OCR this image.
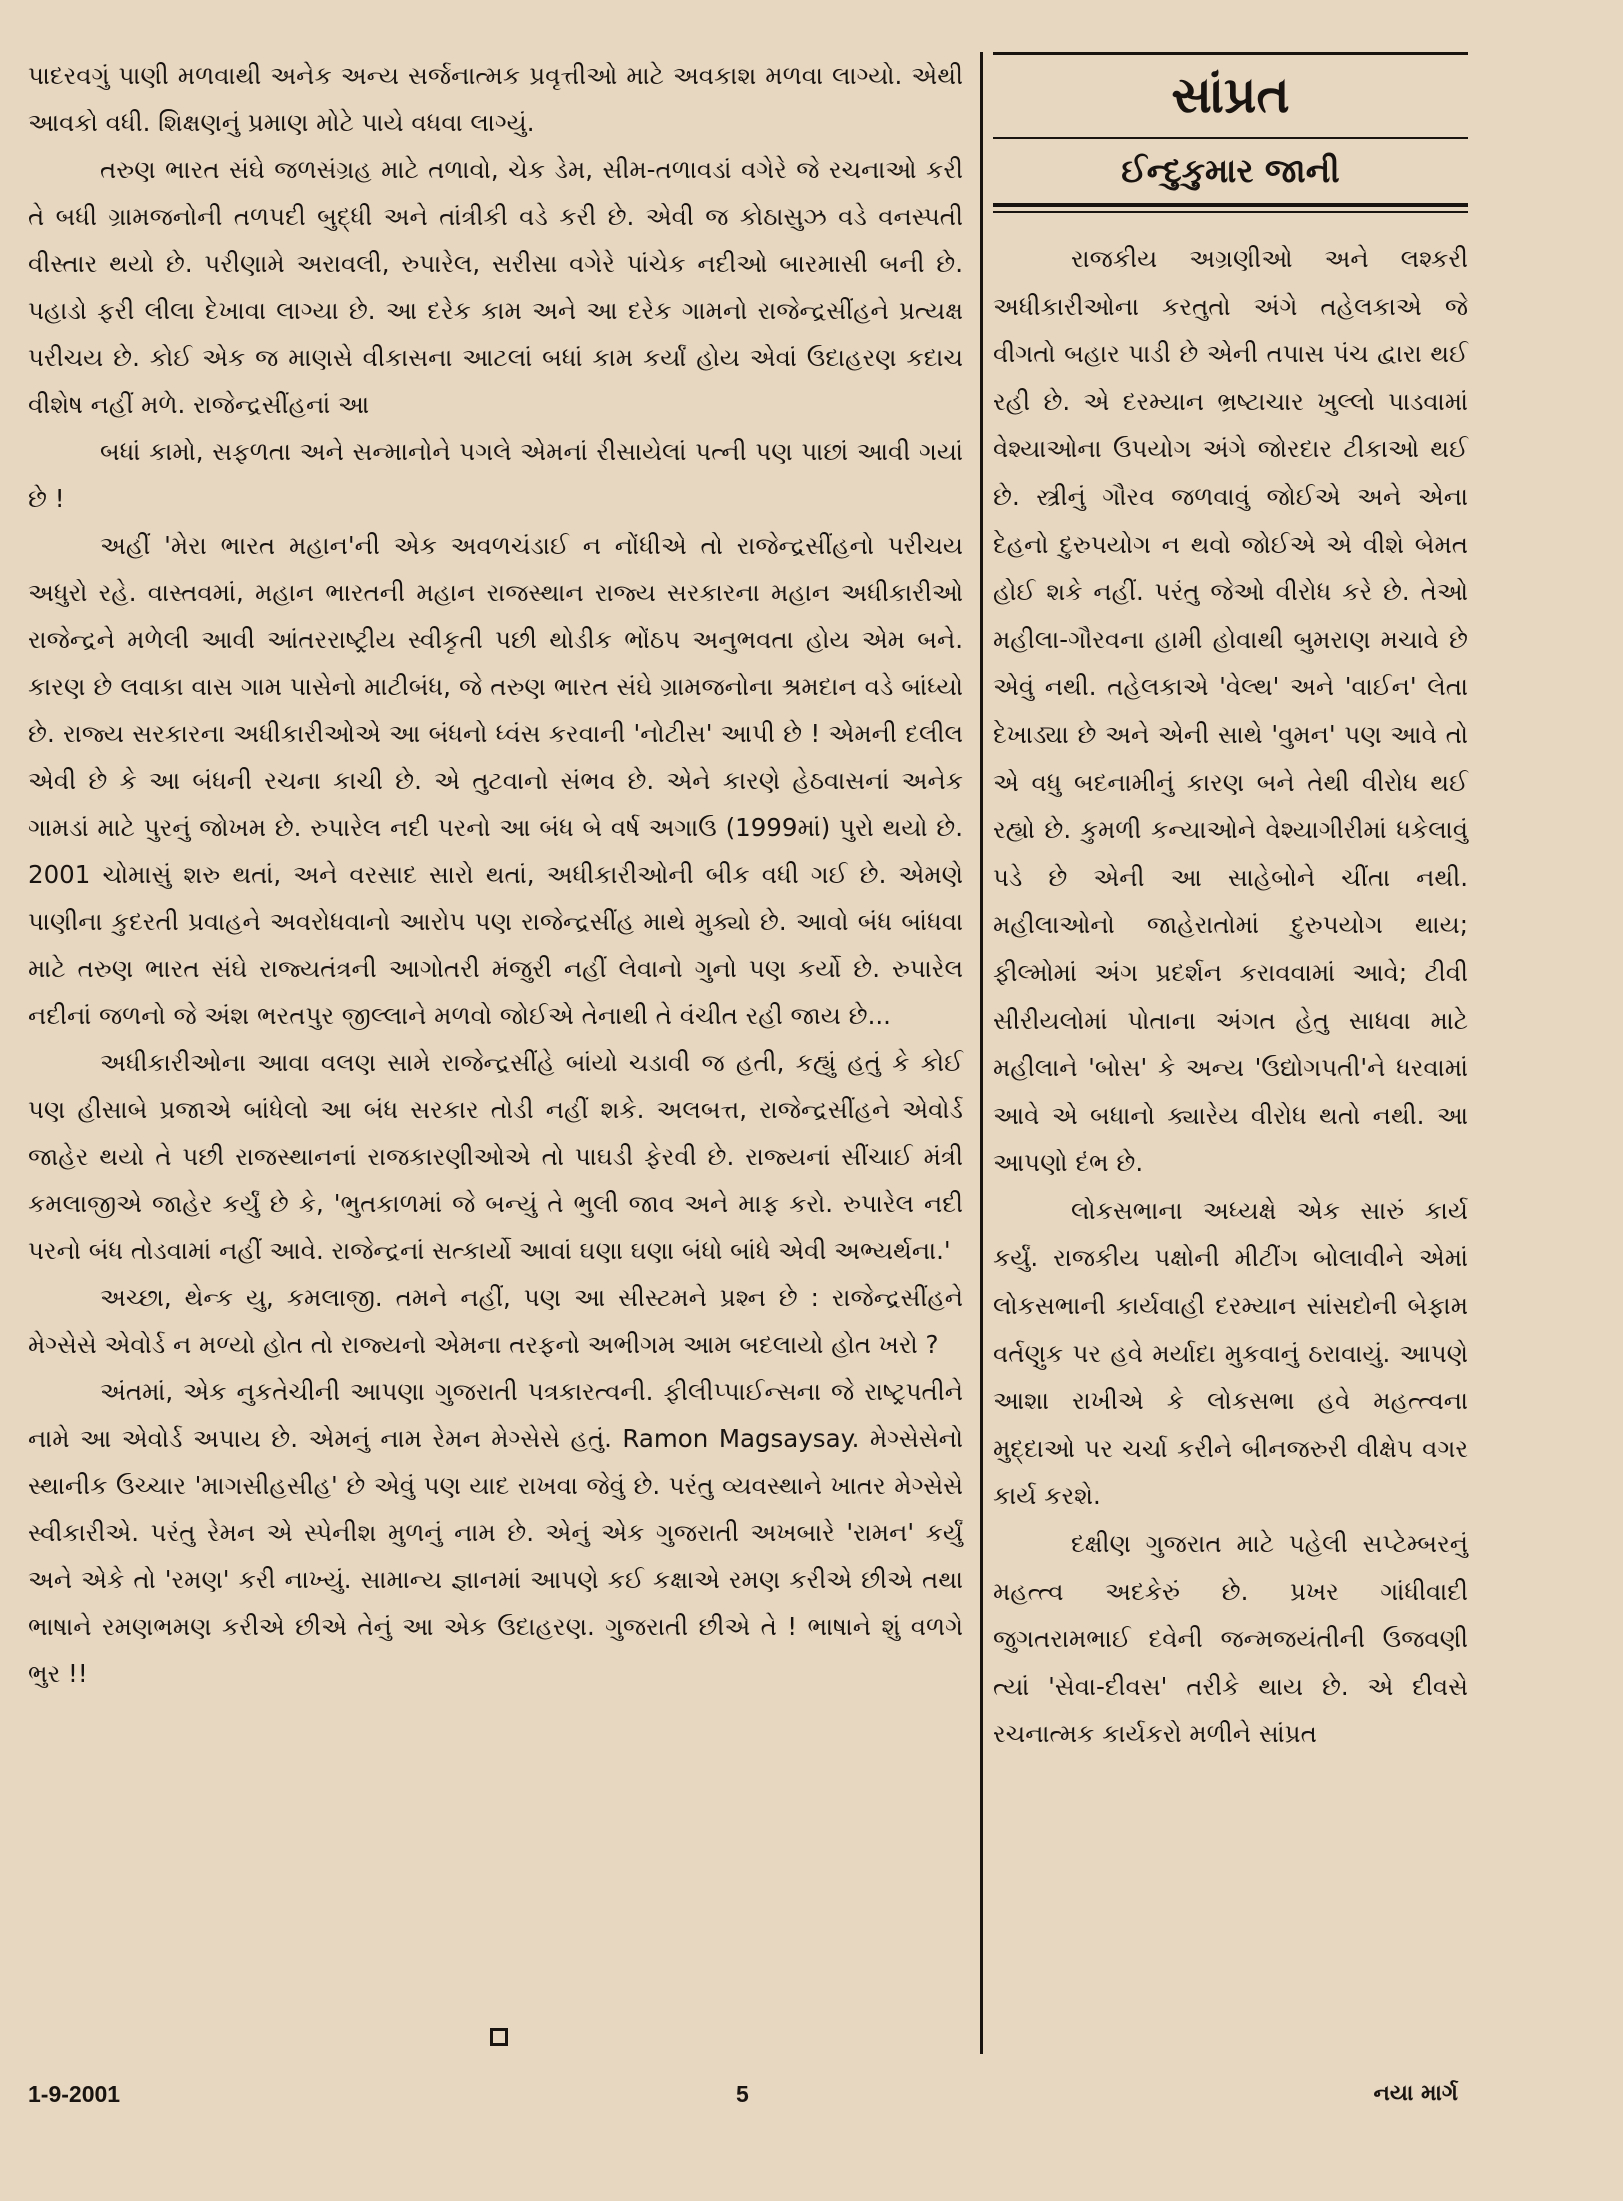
પાદરવગું પાણી મળવાથી અનેક અન્ય સર્જનાત્મક પ્રવૃત્તીઓ માટે અવકાશ મળવા લાગ્યો. એથી આવકો વધી. શિક્ષણનું પ્રમાણ મોટે પાયે વધવા લાગ્યું.

તરુણ ભારત સંઘે જળસંગ્રહ માટે તળાવો, ચેક ડેમ, સીમ-તળાવડાં વગેરે જે રચનાઓ કરી તે બધી ગ્રામજનોની તળપદી બુદ્ધી અને તાંત્રીકી વડે કરી છે. એવી જ કોઠાસુઝ વડે વનસ્પતી વીસ્તાર થયો છે. પરીણામે અરાવલી, રુપારેલ, સરીસા વગેરે પાંચેક નદીઓ બારમાસી બની છે. પહાડો ફરી લીલા દેખાવા લાગ્યા છે. આ દરેક કામ અને આ દરેક ગામનો રાજેન્દ્રસીંહને પ્રત્યક્ષ પરીચય છે. કોઈ એક જ માણસે વીકાસના આટલાં બધાં કામ કર્યાં હોય એવાં ઉદાહરણ કદાચ વીશેષ નહીં મળે. રાજેન્દ્રસીંહનાં આ

બધાં કામો, સફળતા અને સન્માનોને પગલે એમનાં રીસાયેલાં પત્ની પણ પાછાં આવી ગયાં છે !

અહીં 'મેરા ભારત મહાન'ની એક અવળચંડાઈ ન નોંધીએ તો રાજેન્દ્રસીંહનો પરીચય અધુરો રહે. વાસ્તવમાં, મહાન ભારતની મહાન રાજસ્થાન રાજ્ય સરકારના મહાન અધીકારીઓ રાજેન્દ્રને મળેલી આવી આંતરરાષ્ટ્રીય સ્વીકૃતી પછી થોડીક ભોંઠપ અનુભવતા હોય એમ બને. કારણ છે લવાકા વાસ ગામ પાસેનો માટીબંધ, જે તરુણ ભારત સંઘે ગ્રામજનોના શ્રમદાન વડે બાંધ્યો છે. રાજ્ય સરકારના અધીકારીઓએ આ બંધનો ધ્વંસ કરવાની 'નોટીસ' આપી છે ! એમની દલીલ એવી છે કે આ બંધની રચના કાચી છે. એ તુટવાનો સંભવ છે. એને કારણે હેઠવાસનાં અનેક ગામડાં માટે પુરનું જોખમ છે. રુપારેલ નદી પરનો આ બંધ બે વર્ષ અગાઉ (1999માં) પુરો થયો છે. 2001 ચોમાસું શરુ થતાં, અને વરસાદ સારો થતાં, અધીકારીઓની બીક વધી ગઈ છે. એમણે પાણીના કુદરતી પ્રવાહને અવરોધવાનો આરોપ પણ રાજેન્દ્રસીંહ માથે મુક્યો છે. આવો બંધ બાંધવા માટે તરુણ ભારત સંઘે રાજ્યતંત્રની આગોતરી મંજુરી નહીં લેવાનો ગુનો પણ કર્યો છે. રુપારેલ નદીનાં જળનો જે અંશ ભરતપુર જીલ્લાને મળવો જોઈએ તેનાથી તે વંચીત રહી જાય છે...

અધીકારીઓના આવા વલણ સામે રાજેન્દ્રસીંહે બાંયો ચડાવી જ હતી, કહ્યું હતું કે કોઈ પણ હીસાબે પ્રજાએ બાંધેલો આ બંધ સરકાર તોડી નહીં શકે. અલબત્ત, રાજેન્દ્રસીંહને એવોર્ડ જાહેર થયો તે પછી રાજસ્થાનનાં રાજકારણીઓએ તો પાઘડી ફેરવી છે. રાજ્યનાં સીંચાઈ મંત્રી કમલાજીએ જાહેર કર્યું છે કે, 'ભુતકાળમાં જે બન્યું તે ભુલી જાવ અને માફ કરો. રુપારેલ નદી પરનો બંધ તોડવામાં નહીં આવે. રાજેન્દ્રનાં સત્કાર્યો આવાં ઘણા ઘણા બંધો બાંધે એવી અભ્યર્થના.'

અચ્છા, થેન્ક યુ, કમલાજી. તમને નહીં, પણ આ સીસ્ટમને પ્રશ્ન છે : રાજેન્દ્રસીંહને મેગ્સેસે એવોર્ડ ન મળ્યો હોત તો રાજ્યનો એમના તરફનો અભીગમ આમ બદલાયો હોત ખરો ?

અંતમાં, એક નુકતેચીની આપણા ગુજરાતી પત્રકારત્વની. ફીલીપ્પાઈન્સના જે રાષ્ટ્રપતીને નામે આ એવોર્ડ અપાય છે. એમનું નામ રેમન મેગ્સેસે હતું. Ramon Magsaysay. મેગ્સેસેનો સ્થાનીક ઉચ્ચાર 'માગસીહસીહ' છે એવું પણ યાદ રાખવા જેવું છે. પરંતુ વ્યવસ્થાને ખાતર મેગ્સેસે સ્વીકારીએ. પરંતુ રેમન એ સ્પેનીશ મુળનું નામ છે. એનું એક ગુજરાતી અખબારે 'રામન' કર્યું અને એકે તો 'રમણ' કરી નાખ્યું. સામાન્ય જ્ઞાનમાં આપણે કઈ કક્ષાએ રમણ કરીએ છીએ તથા ભાષાને રમણભમણ કરીએ છીએ તેનું આ એક ઉદાહરણ. ગુજરાતી છીએ તે ! ભાષાને શું વળગે ભુર !!

સાંપ્રત
ઈન્દુકુમાર જાની

રાજકીય અગ્રણીઓ અને લશ્કરી અધીકારીઓના કરતુતો અંગે તહેલકાએ જે વીગતો બહાર પાડી છે એની તપાસ પંચ દ્વારા થઈ રહી છે. એ દરમ્યાન ભ્રષ્ટાચાર ખુલ્લો પાડવામાં વેશ્યાઓના ઉપયોગ અંગે જોરદાર ટીકાઓ થઈ છે. સ્ત્રીનું ગૌરવ જળવાવું જોઈએ અને એના દેહનો દુરુપયોગ ન થવો જોઈએ એ વીશે બેમત હોઈ શકે નહીં. પરંતુ જેઓ વીરોધ કરે છે. તેઓ મહીલા-ગૌરવના હામી હોવાથી બુમરાણ મચાવે છે એવું નથી. તહેલકાએ 'વેલ્થ' અને 'વાઈન' લેતા દેખાડ્યા છે અને એની સાથે 'વુમન' પણ આવે તો એ વધુ બદનામીનું કારણ બને તેથી વીરોધ થઈ રહ્યો છે. કુમળી કન્યાઓને વેશ્યાગીરીમાં ધકેલાવું પડે છે એની આ સાહેબોને ચીંતા નથી. મહીલાઓનો જાહેરાતોમાં દુરુપયોગ થાય; ફીલ્મોમાં અંગ પ્રદર્શન કરાવવામાં આવે; ટીવી સીરીયલોમાં પોતાના અંગત હેતુ સાધવા માટે મહીલાને 'બોસ' કે અન્ય 'ઉદ્યોગપતી'ને ધરવામાં આવે એ બધાનો ક્યારેય વીરોધ થતો નથી. આ આપણો દંભ છે.

લોકસભાના અધ્યક્ષે એક સારું કાર્ય કર્યું. રાજકીય પક્ષોની મીટીંગ બોલાવીને એમાં લોકસભાની કાર્યવાહી દરમ્યાન સાંસદોની બેફામ વર્તણુક પર હવે મર્યાદા મુકવાનું ઠરાવાયું. આપણે આશા રાખીએ કે લોકસભા હવે મહત્ત્વના મુદ્દાઓ પર ચર્ચા કરીને બીનજરુરી વીક્ષેપ વગર કાર્ય કરશે.

દક્ષીણ ગુજરાત માટે પહેલી સપ્ટેમ્બરનું મહત્ત્વ અદકેરું છે. પ્રખર ગાંધીવાદી જુગતરામભાઈ દવેની જન્મજયંતીની ઉજવણી ત્યાં 'સેવા-દીવસ' તરીકે થાય છે. એ દીવસે રચનાત્મક કાર્યકરો મળીને સાંપ્રત

1-9-2001	5	નયા માર્ગ
